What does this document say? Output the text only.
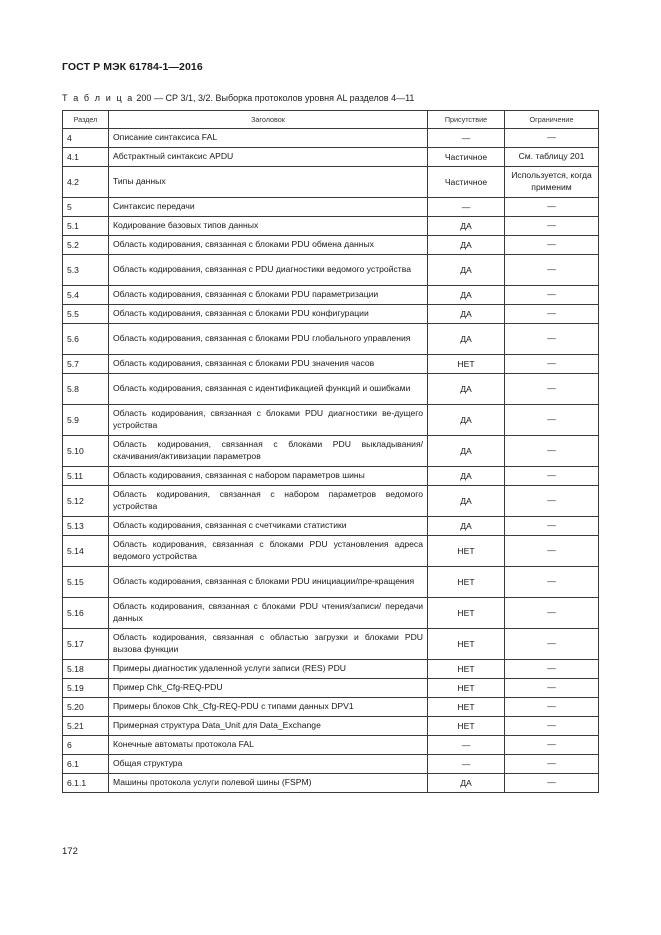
ГОСТ Р МЭК 61784-1—2016
Т а б л и ц а 200 — СР 3/1, 3/2. Выборка протоколов уровня AL разделов 4—11
Раздел	Заголовок	Присутствие	Ограничение
4	Описание синтаксиса FAL	—	—
4.1	Абстрактный синтаксис APDU	Частичное	См. таблицу 201
4.2	Типы данных	Частичное	Используется, когда применим
5	Синтаксис передачи	—	—
5.1	Кодирование базовых типов данных	ДА	—
5.2	Область кодирования, связанная с блоками PDU обмена данных	ДА	—
5.3	Область кодирования, связанная с PDU диагностики ведомого устройства	ДА	—
5.4	Область кодирования, связанная с блоками PDU параметризации	ДА	—
5.5	Область кодирования, связанная с блоками PDU конфигурации	ДА	—
5.6	Область кодирования, связанная с блоками PDU глобального управления	ДА	—
5.7	Область кодирования, связанная с блоками PDU значения часов	НЕТ	—
5.8	Область кодирования, связанная с идентификацией функций и ошибками	ДА	—
5.9	Область кодирования, связанная с блоками PDU диагностики ве-дущего устройства	ДА	—
5.10	Область кодирования, связанная с блоками PDU выкладывания/ скачивания/активизации параметров	ДА	—
5.11	Область кодирования, связанная с набором параметров шины	ДА	—
5.12	Область кодирования, связанная с набором параметров ведомого устройства	ДА	—
5.13	Область кодирования, связанная с счетчиками статистики	ДА	—
5.14	Область кодирования, связанная с блоками PDU установления адреса ведомого устройства	НЕТ	—
5.15	Область кодирования, связанная с блоками PDU инициации/пре-кращения	НЕТ	—
5.16	Область кодирования, связанная с блоками PDU чтения/записи/ передачи данных	НЕТ	—
5.17	Область кодирования, связанная с областью загрузки и блоками PDU вызова функции	НЕТ	—
5.18	Примеры диагностик удаленной услуги записи (RES) PDU	НЕТ	—
5.19	Пример Chk_Cfg-REQ-PDU	НЕТ	—
5.20	Примеры блоков Chk_Cfg-REQ-PDU с типами данных DPV1	НЕТ	—
5.21	Примерная структура Data_Unit для Data_Exchange	НЕТ	—
6	Конечные автоматы протокола FAL	—	—
6.1	Общая структура	—	—
6.1.1	Машины протокола услуги полевой шины (FSPM)	ДА	—
172
